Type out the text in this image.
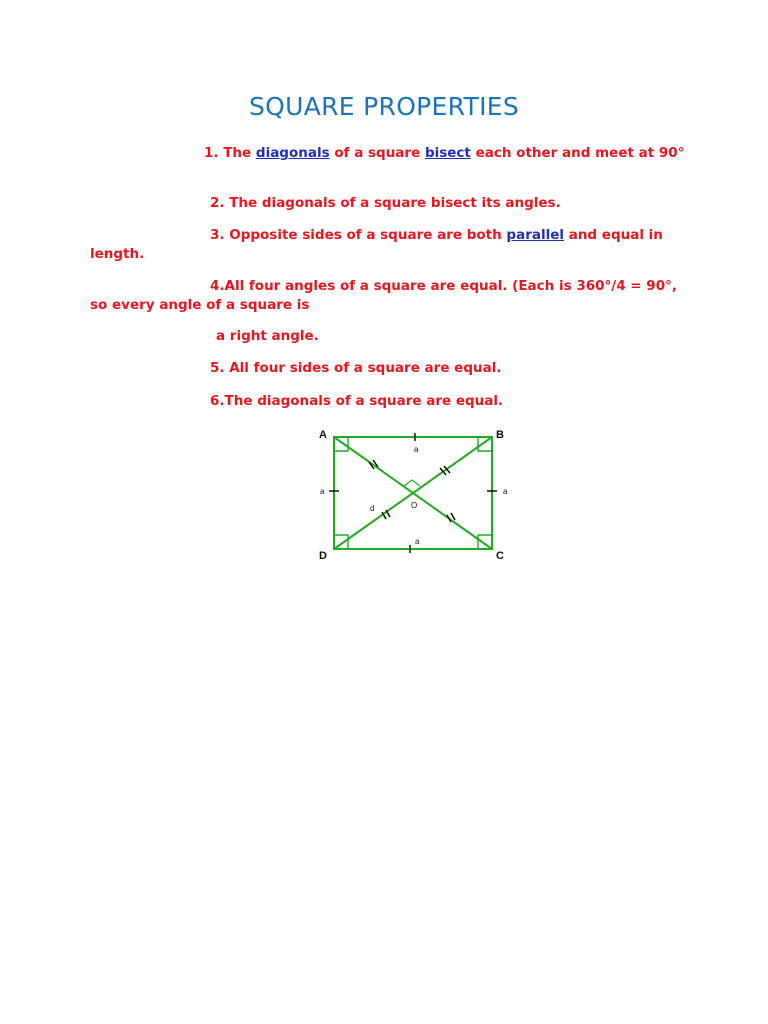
SQUARE PROPERTIES
1. The diagonals of a square bisect each other and meet at 90°
2. The diagonals of a square bisect its angles.
3. Opposite sides of a square are both parallel and equal in length.
4.All four angles of a square are equal. (Each is 360°/4 = 90°, so every angle of a square is
a right angle.
5. All four sides of a square are equal.
6.The diagonals of a square are equal.
A	B
C
D
a
a
a
a
d	O
